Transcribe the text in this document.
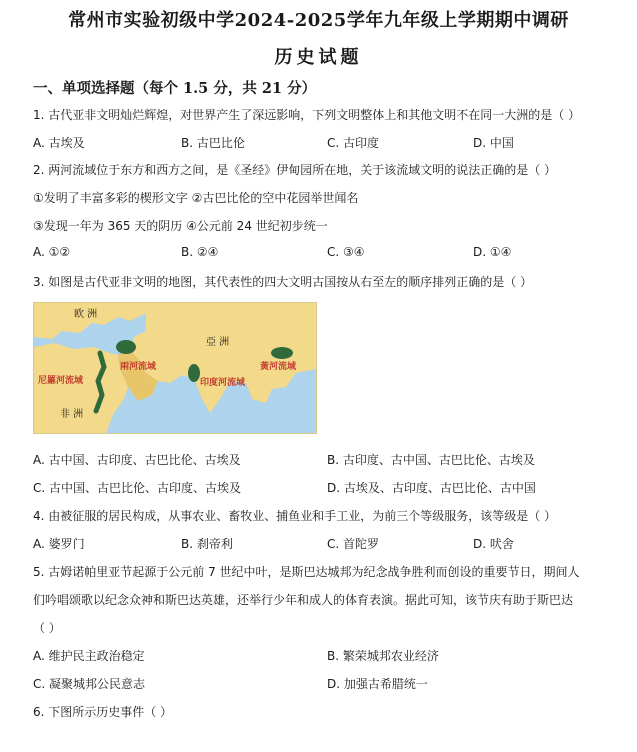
常州市实验初级中学2024-2025学年九年级上学期期中调研
历史试题
一、单项选择题（每个 1.5 分，共 21 分）
1. 古代亚非文明灿烂辉煌，对世界产生了深远影响，下列文明整体上和其他文明不在同一大洲的是（ ）
A. 古埃及	B. 古巴比伦	C. 古印度	D. 中国
2. 两河流域位于东方和西方之间，是《圣经》伊甸园所在地，关于该流域文明的说法正确的是（ ）
①发明了丰富多彩的楔形文字 ②古巴比伦的空中花园举世闻名
③发现一年为 365 天的阴历 ④公元前 24 世纪初步统一
A. ①②	B. ②④	C. ③④	D. ①④
3. 如图是古代亚非文明的地图，其代表性的四大文明古国按从右至左的顺序排列正确的是（ ）
欧 洲
亞 洲
非 洲
尼羅河流域
兩河流域
印度河流域
黃河流域
A. 古中国、古印度、古巴比伦、古埃及	B. 古印度、古中国、古巴比伦、古埃及
C. 古中国、古巴比伦、古印度、古埃及	D. 古埃及、古印度、古巴比伦、古中国
4. 由被征服的居民构成，从事农业、畜牧业、捕鱼业和手工业，为前三个等级服务，该等级是（ ）
A. 婆罗门	B. 刹帝利	C. 首陀罗	D. 吠舍
5. 古姆诺帕里亚节起源于公元前 7 世纪中叶，是斯巴达城邦为纪念战争胜利而创设的重要节日，期间人
们吟唱颂歌以纪念众神和斯巴达英雄，还举行少年和成人的体育表演。据此可知，该节庆有助于斯巴达
（ ）
A. 维护民主政治稳定	B. 繁荣城邦农业经济
C. 凝聚城邦公民意志	D. 加强古希腊统一
6. 下图所示历史事件（ ）
